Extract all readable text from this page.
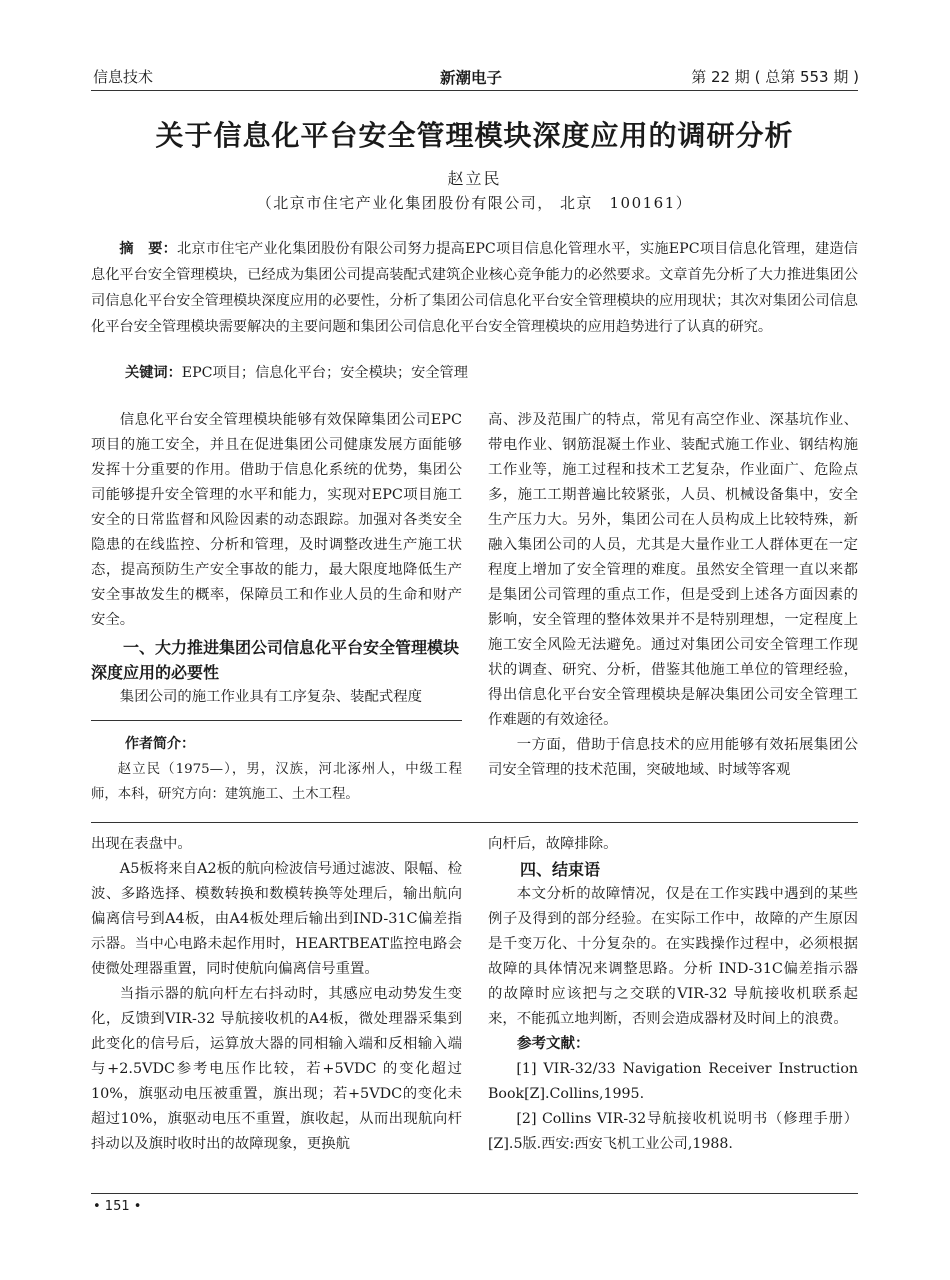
信息技术	新潮电子	第 22 期 ( 总第 553 期 )
关于信息化平台安全管理模块深度应用的调研分析
赵立民
（北京市住宅产业化集团股份有限公司， 北京　100161）

摘　要：北京市住宅产业化集团股份有限公司努力提高EPC项目信息化管理水平，实施EPC项目信息化管理，建造信息化平台安全管理模块，已经成为集团公司提高装配式建筑企业核心竞争能力的必然要求。文章首先分析了大力推进集团公司信息化平台安全管理模块深度应用的必要性，分析了集团公司信息化平台安全管理模块的应用现状；其次对集团公司信息化平台安全管理模块需要解决的主要问题和集团公司信息化平台安全管理模块的应用趋势进行了认真的研究。

关键词：EPC项目；信息化平台；安全模块；安全管理

信息化平台安全管理模块能够有效保障集团公司EPC项目的施工安全，并且在促进集团公司健康发展方面能够发挥十分重要的作用。借助于信息化系统的优势，集团公司能够提升安全管理的水平和能力，实现对EPC项目施工安全的日常监督和风险因素的动态跟踪。加强对各类安全隐患的在线监控、分析和管理，及时调整改进生产施工状态，提高预防生产安全事故的能力，最大限度地降低生产安全事故发生的概率，保障员工和作业人员的生命和财产安全。

一、大力推进集团公司信息化平台安全管理模块深度应用的必要性

集团公司的施工作业具有工序复杂、装配式程度

作者简介：

赵立民（1975—），男，汉族，河北涿州人，中级工程师，本科，研究方向：建筑施工、土木工程。

高、涉及范围广的特点，常见有高空作业、深基坑作业、带电作业、钢筋混凝土作业、装配式施工作业、钢结构施工作业等，施工过程和技术工艺复杂，作业面广、危险点多，施工工期普遍比较紧张，人员、机械设备集中，安全生产压力大。另外，集团公司在人员构成上比较特殊，新融入集团公司的人员，尤其是大量作业工人群体更在一定程度上增加了安全管理的难度。虽然安全管理一直以来都是集团公司管理的重点工作，但是受到上述各方面因素的影响，安全管理的整体效果并不是特别理想，一定程度上施工安全风险无法避免。通过对集团公司安全管理工作现状的调查、研究、分析，借鉴其他施工单位的管理经验，得出信息化平台安全管理模块是解决集团公司安全管理工作难题的有效途径。

一方面，借助于信息技术的应用能够有效拓展集团公司安全管理的技术范围，突破地域、时域等客观

出现在表盘中。

A5板将来自A2板的航向检波信号通过滤波、限幅、检波、多路选择、模数转换和数模转换等处理后，输出航向偏离信号到A4板，由A4板处理后输出到IND-31C偏差指示器。当中心电路未起作用时，HEARTBEAT监控电路会使微处理器重置，同时使航向偏离信号重置。

当指示器的航向杆左右抖动时，其感应电动势发生变化，反馈到VIR-32 导航接收机的A4板，微处理器采集到此变化的信号后，运算放大器的同相输入端和反相输入端与+2.5VDC参考电压作比较，若+5VDC 的变化超过10%，旗驱动电压被重置，旗出现；若+5VDC的变化未超过10%，旗驱动电压不重置，旗收起，从而出现航向杆抖动以及旗时收时出的故障现象，更换航

向杆后，故障排除。

四、结束语

本文分析的故障情况，仅是在工作实践中遇到的某些例子及得到的部分经验。在实际工作中，故障的产生原因是千变万化、十分复杂的。在实践操作过程中，必须根据故障的具体情况来调整思路。分析 IND-31C偏差指示器的故障时应该把与之交联的VIR-32 导航接收机联系起来，不能孤立地判断，否则会造成器材及时间上的浪费。

参考文献：

[1] VIR-32/33 Navigation Receiver Instruction Book[Z].Collins,1995.

[2] Collins VIR-32导航接收机说明书（修理手册）[Z].5版.西安:西安飞机工业公司,1988.

• 151 •
